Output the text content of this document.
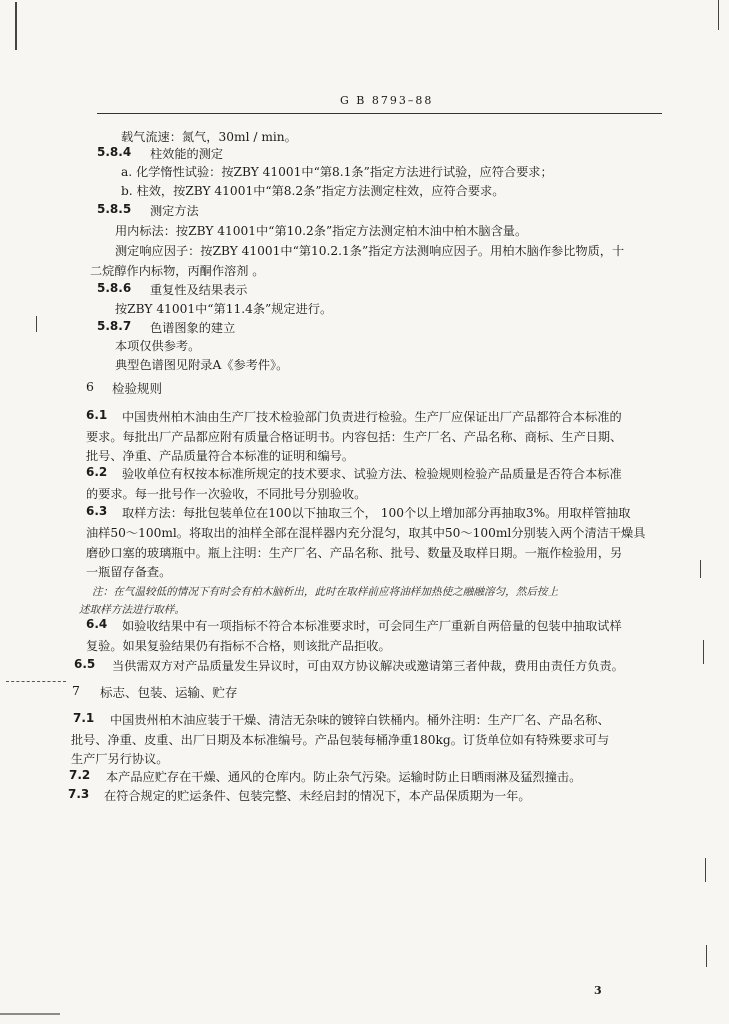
G B 8793–88
载气流速：氮气，30ml / min。
5.8.4 柱效能的测定
a. 化学惰性试验：按ZBY 41001中“第8.1条”指定方法进行试验，应符合要求；
b. 柱效，按ZBY 41001中“第8.2条”指定方法测定柱效，应符合要求。
5.8.5 测定方法
用内标法：按ZBY 41001中“第10.2条”指定方法测定柏木油中柏木脑含量。
测定响应因子：按ZBY 41001中“第10.2.1条”指定方法测响应因子。用柏木脑作参比物质，十
二烷醇作内标物，丙酮作溶剂 。
5.8.6 重复性及结果表示
按ZBY 41001中“第11.4条”规定进行。
5.8.7 色谱图象的建立
本项仅供参考。
典型色谱图见附录A《参考件》。
6 检验规则
6.1 中国贵州柏木油由生产厂技术检验部门负责进行检验。生产厂应保证出厂产品都符合本标准的
要求。每批出厂产品都应附有质量合格证明书。内容包括：生产厂名、产品名称、商标、生产日期、
批号、净重、产品质量符合本标准的证明和编号。
6.2 验收单位有权按本标准所规定的技术要求、试验方法、检验规则检验产品质量是否符合本标准
的要求。每一批号作一次验收，不同批号分别验收。
6.3 取样方法：每批包装单位在100以下抽取三个， 100个以上增加部分再抽取3%。用取样管抽取
油样50～100ml。将取出的油样全部在混样器内充分混匀，取其中50～100ml分别装入两个清洁干燥具
磨砂口塞的玻璃瓶中。瓶上注明：生产厂名、产品名称、批号、数量及取样日期。一瓶作检验用，另
一瓶留存备查。
注：在气温较低的情况下有时会有柏木脑析出，此时在取样前应将油样加热使之融融溶匀，然后按上
述取样方法进行取样。
6.4 如验收结果中有一项指标不符合本标准要求时，可会同生产厂重新自两倍量的包装中抽取试样
复验。如果复验结果仍有指标不合格，则该批产品拒收。
6.5 当供需双方对产品质量发生异议时，可由双方协议解决或邀请第三者仲裁，费用由责任方负责。
7 标志、包装、运输、贮存
7.1 中国贵州柏木油应装于干燥、清洁无杂味的镀锌白铁桶内。桶外注明：生产厂名、产品名称、
批号、净重、皮重、出厂日期及本标准编号。产品包装每桶净重180kg。订货单位如有特殊要求可与
生产厂另行协议。
7.2 本产品应贮存在干燥、通风的仓库内。防止杂气污染。运输时防止日晒雨淋及猛烈撞击。
7.3 在符合规定的贮运条件、包装完整、未经启封的情况下，本产品保质期为一年。
3
